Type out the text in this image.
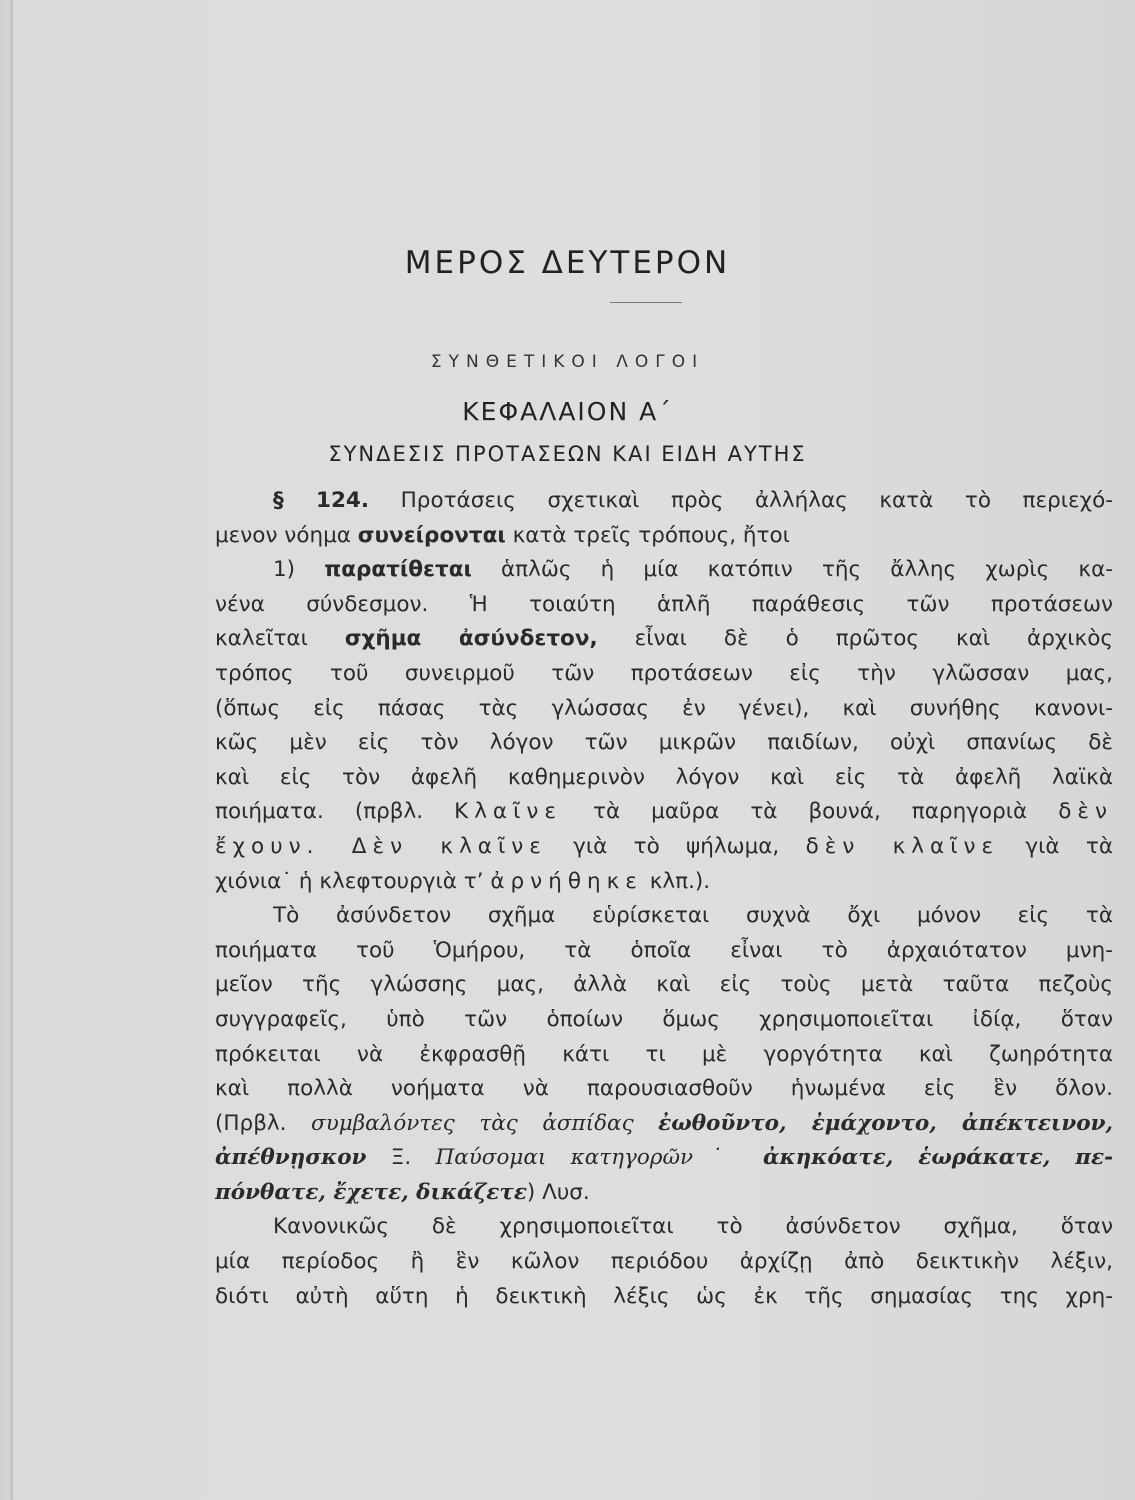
ΜΕΡΟΣ ΔΕΥΤΕΡΟΝ
ΣΥΝΘΕΤΙΚΟΙ ΛΟΓΟΙ
ΚΕΦΑΛΑΙΟΝ Α΄
ΣΥΝΔΕΣΙΣ ΠΡΟΤΑΣΕΩΝ ΚΑΙ ΕΙΔΗ ΑΥΤΗΣ
§ 124. Προτάσεις σχετικαὶ πρὸς ἀλλήλας κατὰ τὸ περιεχό-
μενον νόημα συνείρονται κατὰ τρεῖς τρόπους, ἤτοι
1) παρατίθεται ἁπλῶς ἡ μία κατόπιν τῆς ἄλλης χωρὶς κα-
νένα σύνδεσμον. Ἡ τοιαύτη ἁπλῆ παράθεσις τῶν προτάσεων
καλεῖται σχῆμα ἀσύνδετον, εἶναι δὲ ὁ πρῶτος καὶ ἀρχικὸς
τρόπος τοῦ συνειρμοῦ τῶν προτάσεων εἰς τὴν γλῶσσαν μας,
(ὅπως εἰς πάσας τὰς γλώσσας ἐν γένει), καὶ συνήθης κανονι-
κῶς μὲν εἰς τὸν λόγον τῶν μικρῶν παιδίων, οὐχὶ σπανίως δὲ
καὶ εἰς τὸν ἀφελῆ καθημερινὸν λόγον καὶ εἰς τὰ ἀφελῆ λαϊκὰ
ποιήματα. (πρβλ. Κλαῖνε τὰ μαῦρα τὰ βουνά, παρηγοριὰ δὲν
ἔχουν. Δὲν κλαῖνε γιὰ τὸ ψήλωμα, δὲν κλαῖνε γιὰ τὰ
χιόνια˙ ἡ κλεφτουργιὰ τ’ ἀρνήθηκε κλπ.).
Τὸ ἀσύνδετον σχῆμα εὑρίσκεται συχνὰ ὄχι μόνον εἰς τὰ
ποιήματα τοῦ Ὁμήρου, τὰ ὁποῖα εἶναι τὸ ἀρχαιότατον μνη-
μεῖον τῆς γλώσσης μας, ἀλλὰ καὶ εἰς τοὺς μετὰ ταῦτα πεζοὺς
συγγραφεῖς, ὑπὸ τῶν ὁποίων ὅμως χρησιμοποιεῖται ἰδίᾳ, ὅταν
πρόκειται νὰ ἐκφρασθῇ κάτι τι μὲ γοργότητα καὶ ζωηρότητα
καὶ πολλὰ νοήματα νὰ παρουσιασθοῦν ἡνωμένα εἰς ἓν ὅλον.
(Πρβλ. συμβαλόντες τὰς ἀσπίδας ἐωθοῦντο, ἐμάχοντο, ἀπέκτεινον,
ἀπέθνῃσκον Ξ. Παύσομαι κατηγορῶν˙ ἀκηκόατε, ἑωράκατε, πε-
πόνθατε, ἔχετε, δικάζετε) Λυσ.
Κανονικῶς δὲ χρησιμοποιεῖται τὸ ἀσύνδετον σχῆμα, ὅταν
μία περίοδος ἢ ἓν κῶλον περιόδου ἀρχίζῃ ἀπὸ δεικτικὴν λέξιν,
διότι αὐτὴ αὕτη ἡ δεικτικὴ λέξις ὡς ἐκ τῆς σημασίας της χρη-
